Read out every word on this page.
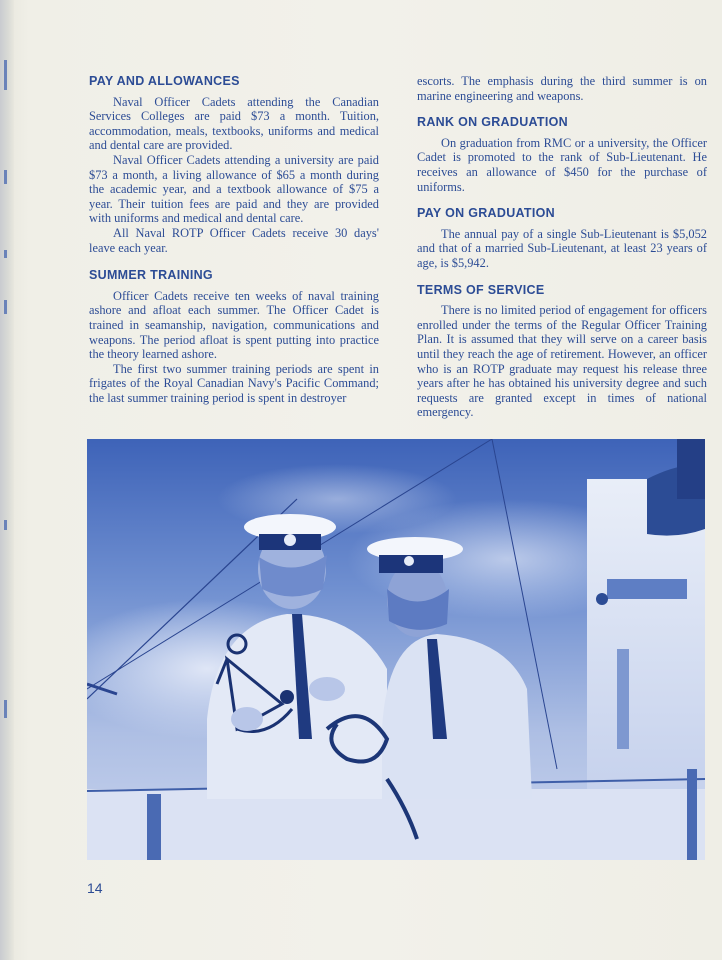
PAY AND ALLOWANCES

Naval Officer Cadets attending the Canadian Services Colleges are paid $73 a month. Tuition, accommodation, meals, textbooks, uniforms and medical and dental care are provided.

Naval Officer Cadets attending a university are paid $73 a month, a living allowance of $65 a month during the academic year, and a textbook allowance of $75 a year. Their tuition fees are paid and they are provided with uniforms and medical and dental care.

All Naval ROTP Officer Cadets receive 30 days' leave each year.

SUMMER TRAINING

Officer Cadets receive ten weeks of naval training ashore and afloat each summer. The Officer Cadet is trained in seamanship, navigation, communications and weapons. The period afloat is spent putting into practice the theory learned ashore.

The first two summer training periods are spent in frigates of the Royal Canadian Navy's Pacific Command; the last summer training period is spent in destroyer

escorts. The emphasis during the third summer is on marine engineering and weapons.

RANK ON GRADUATION

On graduation from RMC or a university, the Officer Cadet is promoted to the rank of Sub-Lieutenant. He receives an allowance of $450 for the purchase of uniforms.

PAY ON GRADUATION

The annual pay of a single Sub-Lieutenant is $5,052 and that of a married Sub-Lieutenant, at least 23 years of age, is $5,942.

TERMS OF SERVICE

There is no limited period of engagement for officers enrolled under the terms of the Regular Officer Training Plan. It is assumed that they will serve on a career basis until they reach the age of retirement. However, an officer who is an ROTP graduate may request his release three years after he has obtained his university degree and such requests are granted except in times of national emergency.

14
